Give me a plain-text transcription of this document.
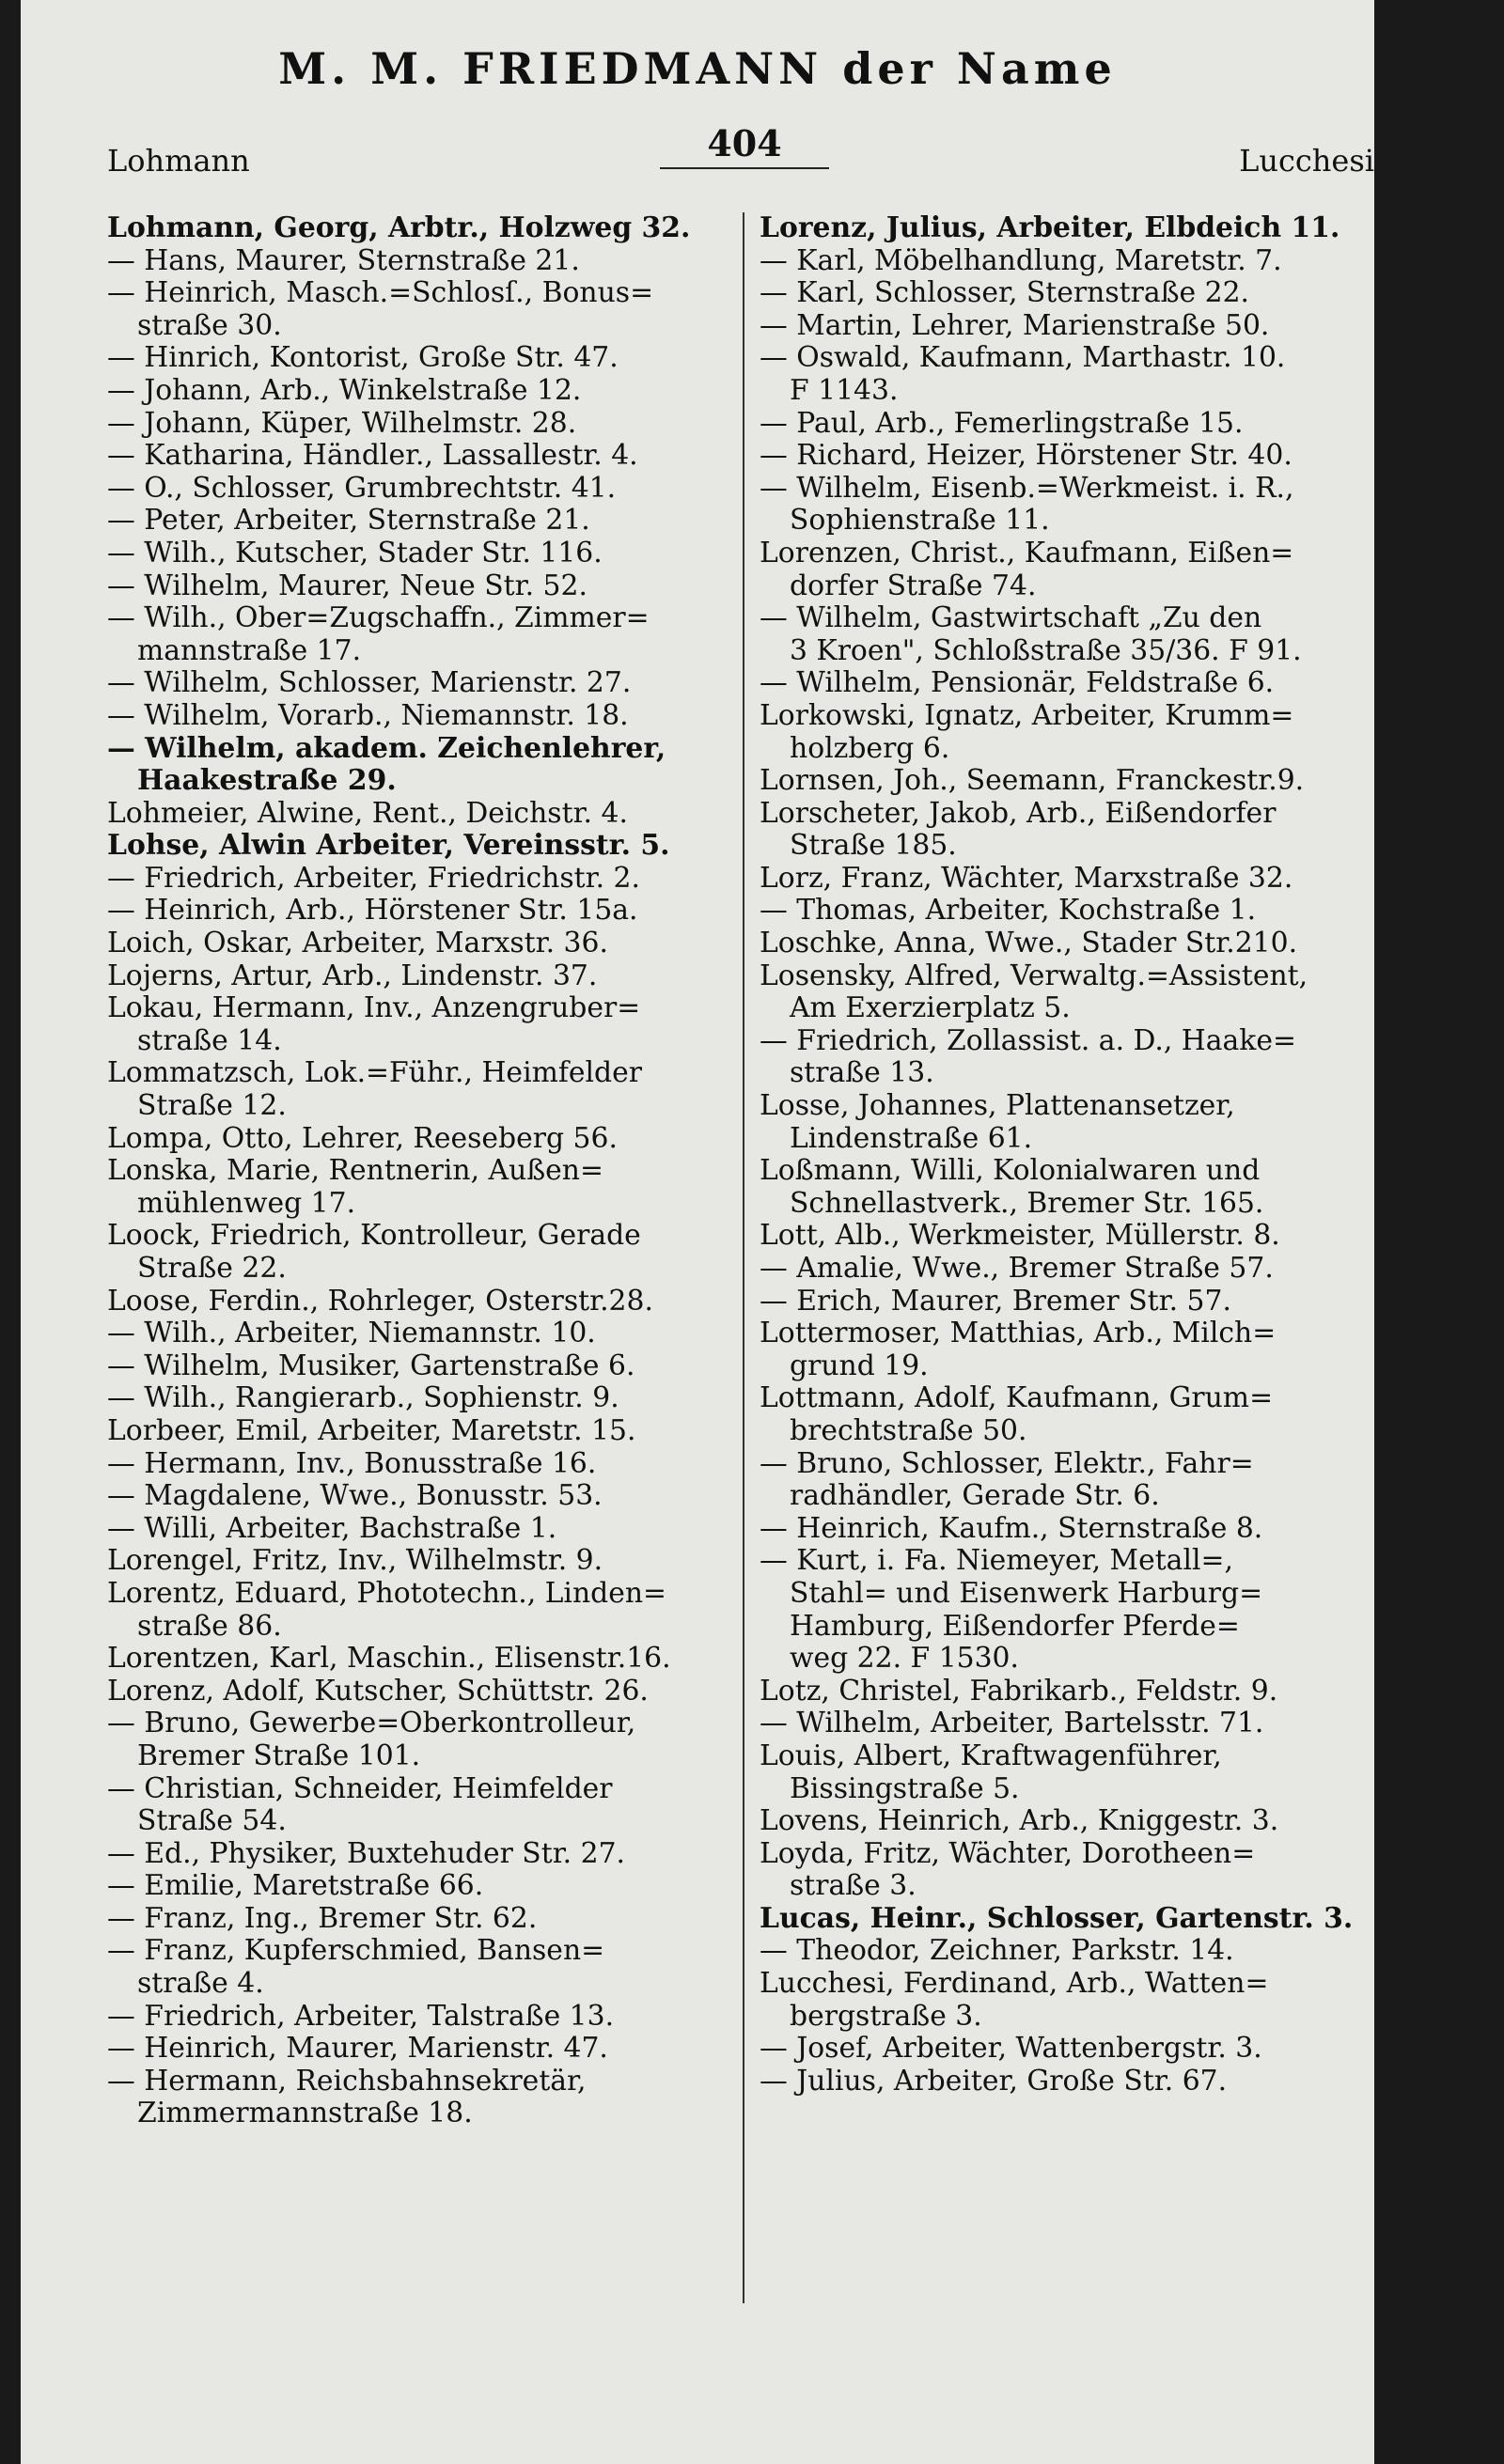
M. M. FRIEDMANN der Name
Lohmann	404	Lucchesi
Lohmann, Georg, Arbtr., Holzweg 32.
— Hans, Maurer, Sternstraße 21.
— Heinrich, Masch.=Schlosſ., Bonus=
straße 30.
— Hinrich, Kontorist, Große Str. 47.
— Johann, Arb., Winkelstraße 12.
— Johann, Küper, Wilhelmstr. 28.
— Katharina, Händler., Lassallestr. 4.
— O., Schlosser, Grumbrechtstr. 41.
— Peter, Arbeiter, Sternstraße 21.
— Wilh., Kutscher, Stader Str. 116.
— Wilhelm, Maurer, Neue Str. 52.
— Wilh., Ober=Zugschaffn., Zimmer=
mannstraße 17.
— Wilhelm, Schlosser, Marienstr. 27.
— Wilhelm, Vorarb., Niemannstr. 18.
— Wilhelm, akadem. Zeichenlehrer,
Haakestraße 29.
Lohmeier, Alwine, Rent., Deichstr. 4.
Lohse, Alwin Arbeiter, Vereinsstr. 5.
— Friedrich, Arbeiter, Friedrichstr. 2.
— Heinrich, Arb., Hörstener Str. 15a.
Loich, Oskar, Arbeiter, Marxstr. 36.
Lojerns, Artur, Arb., Lindenstr. 37.
Lokau, Hermann, Inv., Anzengruber=
straße 14.
Lommatzsch, Lok.=Führ., Heimfelder
Straße 12.
Lompa, Otto, Lehrer, Reeseberg 56.
Lonska, Marie, Rentnerin, Außen=
mühlenweg 17.
Loock, Friedrich, Kontrolleur, Gerade
Straße 22.
Loose, Ferdin., Rohrleger, Osterstr.28.
— Wilh., Arbeiter, Niemannstr. 10.
— Wilhelm, Musiker, Gartenstraße 6.
— Wilh., Rangierarb., Sophienstr. 9.
Lorbeer, Emil, Arbeiter, Maretstr. 15.
— Hermann, Inv., Bonusstraße 16.
— Magdalene, Wwe., Bonusstr. 53.
— Willi, Arbeiter, Bachstraße 1.
Lorengel, Fritz, Inv., Wilhelmstr. 9.
Lorentz, Eduard, Phototechn., Linden=
straße 86.
Lorentzen, Karl, Maschin., Elisenstr.16.
Lorenz, Adolf, Kutscher, Schüttstr. 26.
— Bruno, Gewerbe=Oberkontrolleur,
Bremer Straße 101.
— Christian, Schneider, Heimfelder
Straße 54.
— Ed., Physiker, Buxtehuder Str. 27.
— Emilie, Maretstraße 66.
— Franz, Ing., Bremer Str. 62.
— Franz, Kupferschmied, Bansen=
straße 4.
— Friedrich, Arbeiter, Talstraße 13.
— Heinrich, Maurer, Marienstr. 47.
— Hermann, Reichsbahnsekretär,
Zimmermannstraße 18.
Lorenz, Julius, Arbeiter, Elbdeich 11.
— Karl, Möbelhandlung, Maretstr. 7.
— Karl, Schlosser, Sternstraße 22.
— Martin, Lehrer, Marienstraße 50.
— Oswald, Kaufmann, Marthastr. 10.
F 1143.
— Paul, Arb., Femerlingstraße 15.
— Richard, Heizer, Hörstener Str. 40.
— Wilhelm, Eisenb.=Werkmeist. i. R.,
Sophienstraße 11.
Lorenzen, Christ., Kaufmann, Eißen=
dorfer Straße 74.
— Wilhelm, Gastwirtschaft „Zu den
3 Kroen", Schloßstraße 35/36. F 91.
— Wilhelm, Pensionär, Feldstraße 6.
Lorkowski, Ignatz, Arbeiter, Krumm=
holzberg 6.
Lornsen, Joh., Seemann, Franckestr.9.
Lorscheter, Jakob, Arb., Eißendorfer
Straße 185.
Lorz, Franz, Wächter, Marxstraße 32.
— Thomas, Arbeiter, Kochstraße 1.
Loschke, Anna, Wwe., Stader Str.210.
Losensky, Alfred, Verwaltg.=Assistent,
Am Exerzierplatz 5.
— Friedrich, Zollassist. a. D., Haake=
straße 13.
Losse, Johannes, Plattenansetzer,
Lindenstraße 61.
Loßmann, Willi, Kolonialwaren und
Schnellastverk., Bremer Str. 165.
Lott, Alb., Werkmeister, Müllerstr. 8.
— Amalie, Wwe., Bremer Straße 57.
— Erich, Maurer, Bremer Str. 57.
Lottermoser, Matthias, Arb., Milch=
grund 19.
Lottmann, Adolf, Kaufmann, Grum=
brechtstraße 50.
— Bruno, Schlosser, Elektr., Fahr=
radhändler, Gerade Str. 6.
— Heinrich, Kaufm., Sternstraße 8.
— Kurt, i. Fa. Niemeyer, Metall=,
Stahl= und Eisenwerk Harburg=
Hamburg, Eißendorfer Pferde=
weg 22. F 1530.
Lotz, Christel, Fabrikarb., Feldstr. 9.
— Wilhelm, Arbeiter, Bartelsstr. 71.
Louis, Albert, Kraftwagenführer,
Bissingstraße 5.
Lovens, Heinrich, Arb., Kniggestr. 3.
Loyda, Fritz, Wächter, Dorotheen=
straße 3.
Lucas, Heinr., Schlosser, Gartenstr. 3.
— Theodor, Zeichner, Parkstr. 14.
Lucchesi, Ferdinand, Arb., Watten=
bergstraße 3.
— Josef, Arbeiter, Wattenbergstr. 3.
— Julius, Arbeiter, Große Str. 67.
